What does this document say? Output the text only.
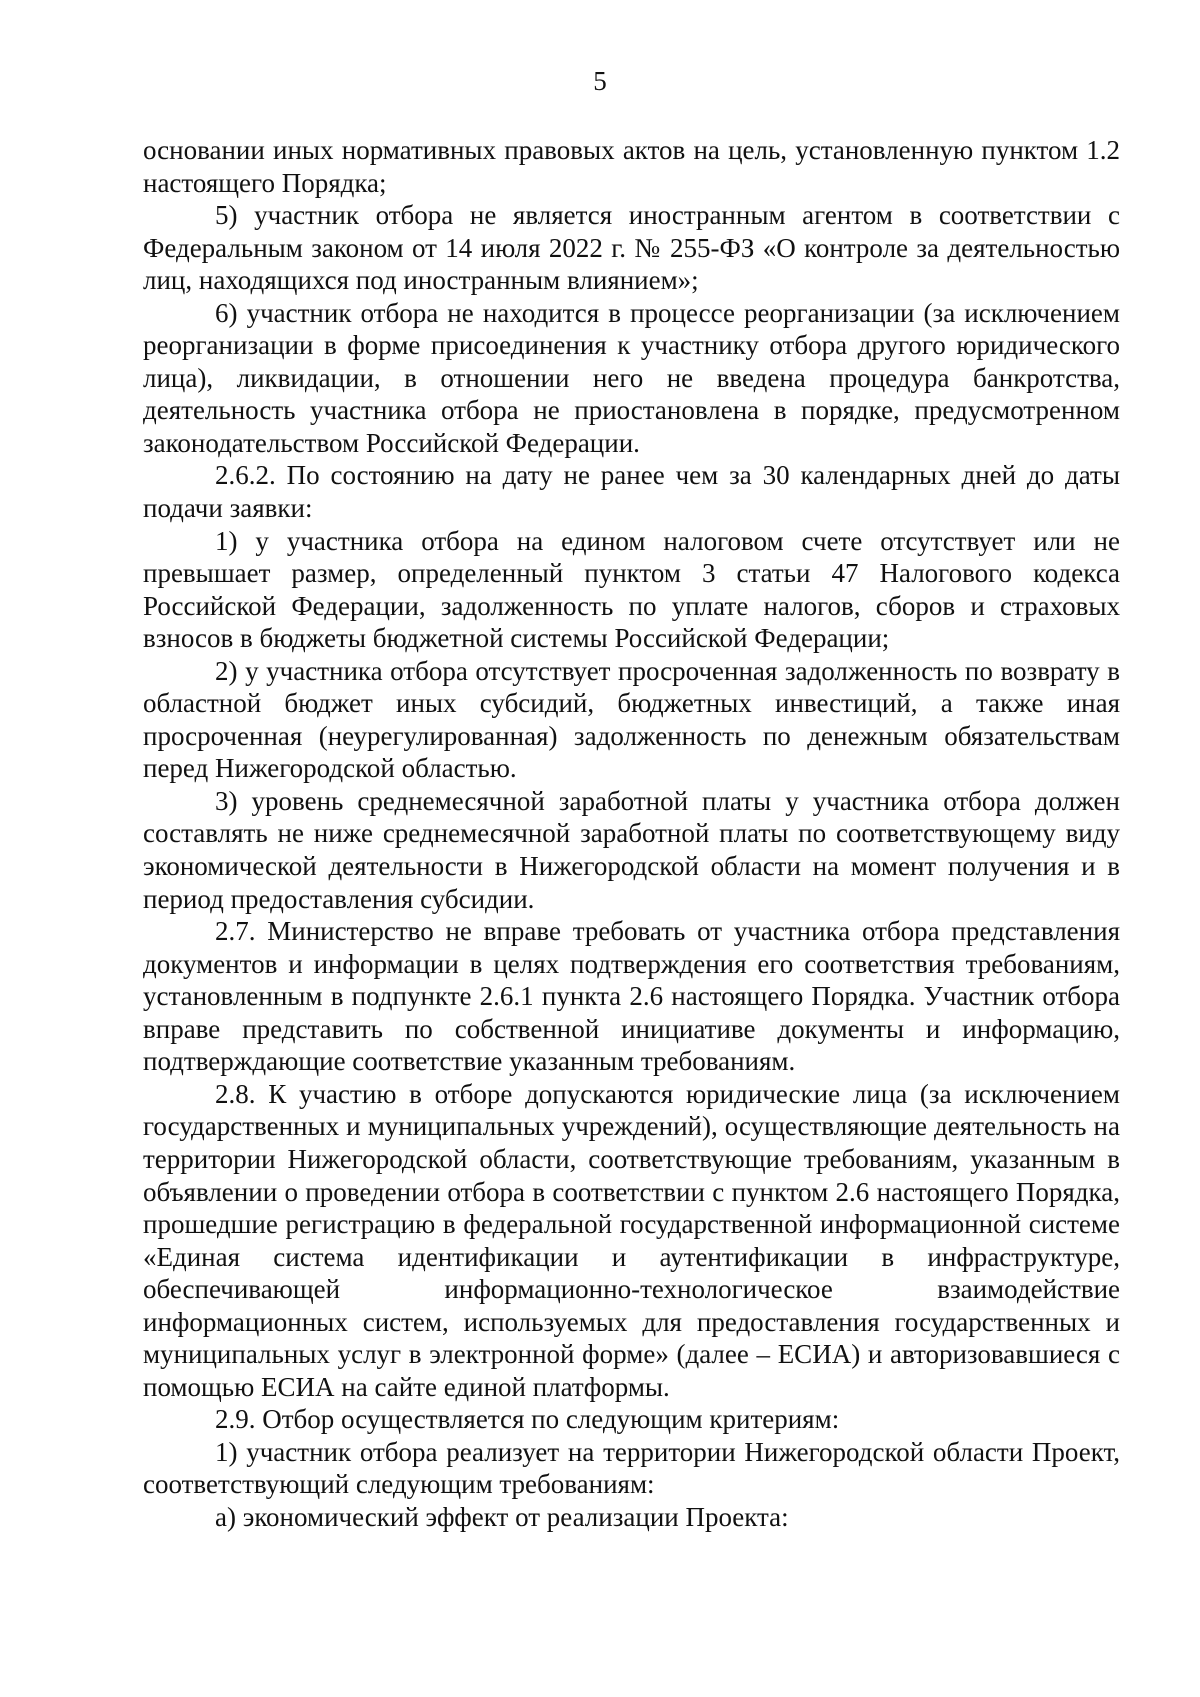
5

основании иных нормативных правовых актов на цель, установленную пунктом 1.2 настоящего Порядка;

5) участник отбора не является иностранным агентом в соответствии с Федеральным законом от 14 июля 2022 г. № 255-ФЗ «О контроле за деятельностью лиц, находящихся под иностранным влиянием»;

6) участник отбора не находится в процессе реорганизации (за исключением реорганизации в форме присоединения к участнику отбора другого юридического лица), ликвидации, в отношении него не введена процедура банкротства, деятельность участника отбора не приостановлена в порядке, предусмотренном законодательством Российской Федерации.

2.6.2. По состоянию на дату не ранее чем за 30 календарных дней до даты подачи заявки:

1) у участника отбора на едином налоговом счете отсутствует или не превышает размер, определенный пунктом 3 статьи 47 Налогового кодекса Российской Федерации, задолженность по уплате налогов, сборов и страховых взносов в бюджеты бюджетной системы Российской Федерации;

2) у участника отбора отсутствует просроченная задолженность по возврату в областной бюджет иных субсидий, бюджетных инвестиций, а также иная просроченная (неурегулированная) задолженность по денежным обязательствам перед Нижегородской областью.

3) уровень среднемесячной заработной платы у участника отбора должен составлять не ниже среднемесячной заработной платы по соответствующему виду экономической деятельности в Нижегородской области на момент получения и в период предоставления субсидии.

2.7. Министерство не вправе требовать от участника отбора представления документов и информации в целях подтверждения его соответствия требованиям, установленным в подпункте 2.6.1 пункта 2.6 настоящего Порядка. Участник отбора вправе представить по собственной инициативе документы и информацию, подтверждающие соответствие указанным требованиям.

2.8. К участию в отборе допускаются юридические лица (за исключением государственных и муниципальных учреждений), осуществляющие деятельность на территории Нижегородской области, соответствующие требованиям, указанным в объявлении о проведении отбора в соответствии с пунктом 2.6 настоящего Порядка, прошедшие регистрацию в федеральной государственной информационной системе «Единая система идентификации и аутентификации в инфраструктуре, обеспечивающей информационно-технологическое взаимодействие информационных систем, используемых для предоставления государственных и муниципальных услуг в электронной форме» (далее – ЕСИА) и авторизовавшиеся с помощью ЕСИА на сайте единой платформы.

2.9. Отбор осуществляется по следующим критериям:

1) участник отбора реализует на территории Нижегородской области Проект, соответствующий следующим требованиям:

а) экономический эффект от реализации Проекта:
